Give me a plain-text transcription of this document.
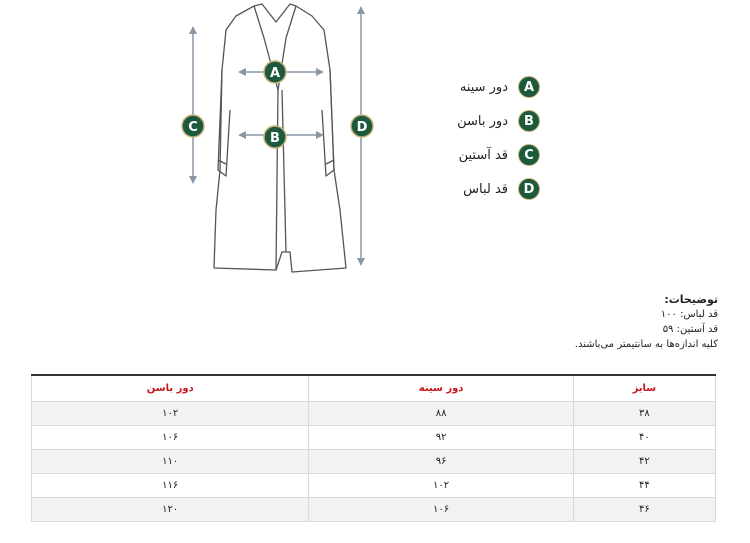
A
B
C	D
دور سینه	A
دور باسن	B
قد آستین	C
قد لباس	D
توضیحات:
قد لباس: ۱۰۰
قد آستین: ۵۹
کلیه اندازه‌ها به سانتیمتر می‌باشند.
سایز	دور سینه	دور باسن
۳۸	۸۸	۱۰۲
۴۰	۹۲	۱۰۶
۴۲	۹۶	۱۱۰
۴۴	۱۰۲	۱۱۶
۴۶	۱۰۶	۱۲۰
